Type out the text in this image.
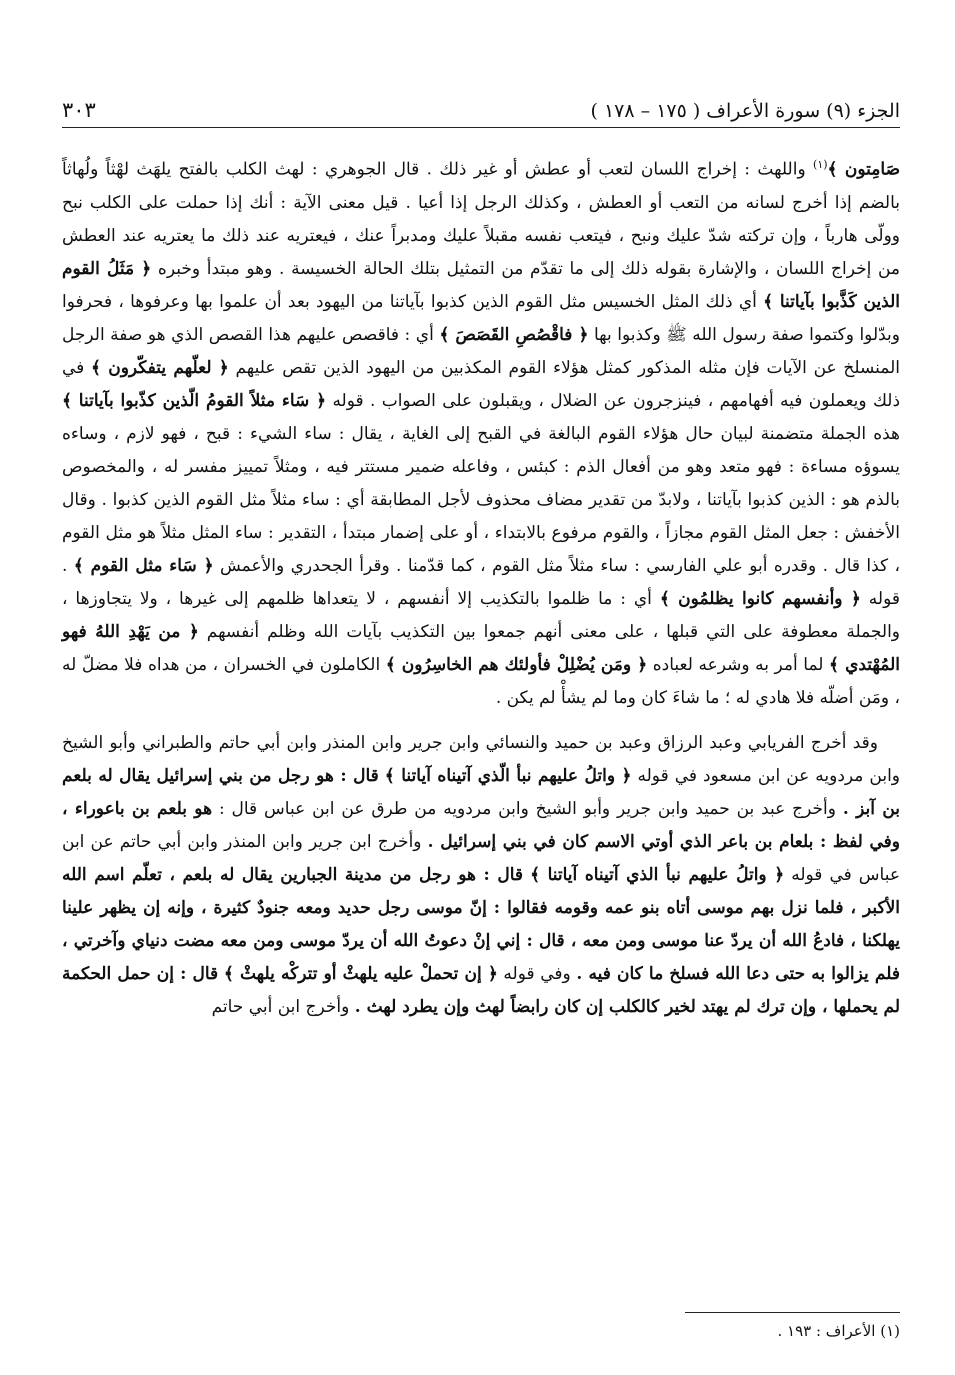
الجزء (٩) سورة الأعراف ( ١٧٥ – ١٧٨ )
٣٠٣

صَامِتون ﴾$^{(١)}$ واللهث : إخراج اللسان لتعب أو عطش أو غير ذلك . قال الجوهري : لهث الكلب بالفتح يلهَث لهْثاً ولُهاثاً بالضم إذا أخرج لسانه من التعب أو العطش ، وكذلك الرجل إذا أعيا . قيل معنى الآية : أنك إذا حملت على الكلب نبح وولّى هارباً ، وإن تركته شدّ عليك ونبح ، فيتعب نفسه مقبلاً عليك ومدبراً عنك ، فيعتريه عند ذلك ما يعتريه عند العطش من إخراج اللسان ، والإشارة بقوله ذلك إلى ما تقدّم من التمثيل بتلك الحالة الخسيسة . وهو مبتدأ وخبره ﴿ مَثَلُ القوم الذين كَذَّبوا بآياتنا ﴾ أي ذلك المثل الخسيس مثل القوم الذين كذبوا بآياتنا من اليهود بعد أن علموا بها وعرفوها ، فحرفوا وبدّلوا وكتموا صفة رسول الله ﷺ وكذبوا بها ﴿ فاقْصُصِ القَصَصَ ﴾ أي : فاقصص عليهم هذا القصص الذي هو صفة الرجل المنسلخ عن الآيات فإن مثله المذكور كمثل هؤلاء القوم المكذبين من اليهود الذين تقص عليهم ﴿ لعلّهم يتفكّرون ﴾ في ذلك ويعملون فيه أفهامهم ، فينزجرون عن الضلال ، ويقبلون على الصواب . قوله ﴿ سَاء مثلاً القومُ الّذين كذّبوا بآياتنا ﴾ هذه الجملة متضمنة لبيان حال هؤلاء القوم البالغة في القبح إلى الغاية ، يقال : ساء الشيء : قبح ، فهو لازم ، وساءه يسوؤه مساءة : فهو متعد وهو من أفعال الذم : كبئس ، وفاعله ضمير مستتر فيه ، ومثلاً تمييز مفسر له ، والمخصوص بالذم هو : الذين كذبوا بآياتنا ، ولابدّ من تقدير مضاف محذوف لأجل المطابقة أي : ساء مثلاً مثل القوم الذين كذبوا . وقال الأخفش : جعل المثل القوم مجازاً ، والقوم مرفوع بالابتداء ، أو على إضمار مبتدأ ، التقدير : ساء المثل مثلاً هو مثل القوم ، كذا قال . وقدره أبو علي الفارسي : ساء مثلاً مثل القوم ، كما قدّمنا . وقرأ الجحدري والأعمش ﴿ سَاء مثل القوم ﴾ . قوله ﴿ وأنفسهم كانوا يظلمُون ﴾ أي : ما ظلموا بالتكذيب إلا أنفسهم ، لا يتعداها ظلمهم إلى غيرها ، ولا يتجاوزها ، والجملة معطوفة على التي قبلها ، على معنى أنهم جمعوا بين التكذيب بآيات الله وظلم أنفسهم ﴿ من يَهْدِ اللهُ فهو المُهْتدي ﴾ لما أمر به وشرعه لعباده ﴿ ومَن يُضْلِلْ فأولئك هم الخاسِرُون ﴾ الكاملون في الخسران ، من هداه فلا مضلّ له ، ومَن أضلّه فلا هادي له ؛ ما شاءَ كان وما لم يشأْ لم يكن .

وقد أخرج الفريابي وعبد الرزاق وعبد بن حميد والنسائي وابن جرير وابن المنذر وابن أبي حاتم والطبراني وأبو الشيخ وابن مردويه عن ابن مسعود في قوله ﴿ واتلُ عليهم نبأ الّذي آتيناه آياتنا ﴾ قال : هو رجل من بني إسرائيل يقال له بلعم بن آبز . وأخرج عبد بن حميد وابن جرير وأبو الشيخ وابن مردويه من طرق عن ابن عباس قال : هو بلعم بن باعوراء ، وفي لفظ : بلعام بن باعر الذي أوتي الاسم كان في بني إسرائيل . وأخرج ابن جرير وابن المنذر وابن أبي حاتم عن ابن عباس في قوله ﴿ واتلُ عليهم نبأ الذي آتيناه آياتنا ﴾ قال : هو رجل من مدينة الجبارين يقال له بلعم ، تعلّم اسم الله الأكبر ، فلما نزل بهم موسى أتاه بنو عمه وقومه فقالوا : إنّ موسى رجل حديد ومعه جنودٌ كثيرة ، وإنه إن يظهر علينا يهلكنا ، فادعُ الله أن يردّ عنا موسى ومن معه ، قال : إني إنْ دعوتُ الله أن يردّ موسى ومن معه مضت دنياي وآخرتي ، فلم يزالوا به حتى دعا الله فسلخ ما كان فيه . وفي قوله ﴿ إن تحملْ عليه يلهثْ أو تتركْه يلهثْ ﴾ قال : إن حمل الحكمة لم يحملها ، وإن ترك لم يهتد لخير كالكلب إن كان رابضاً لهث وإن يطرد لهث . وأخرج ابن أبي حاتم

(١) الأعراف : ١٩٣ .
